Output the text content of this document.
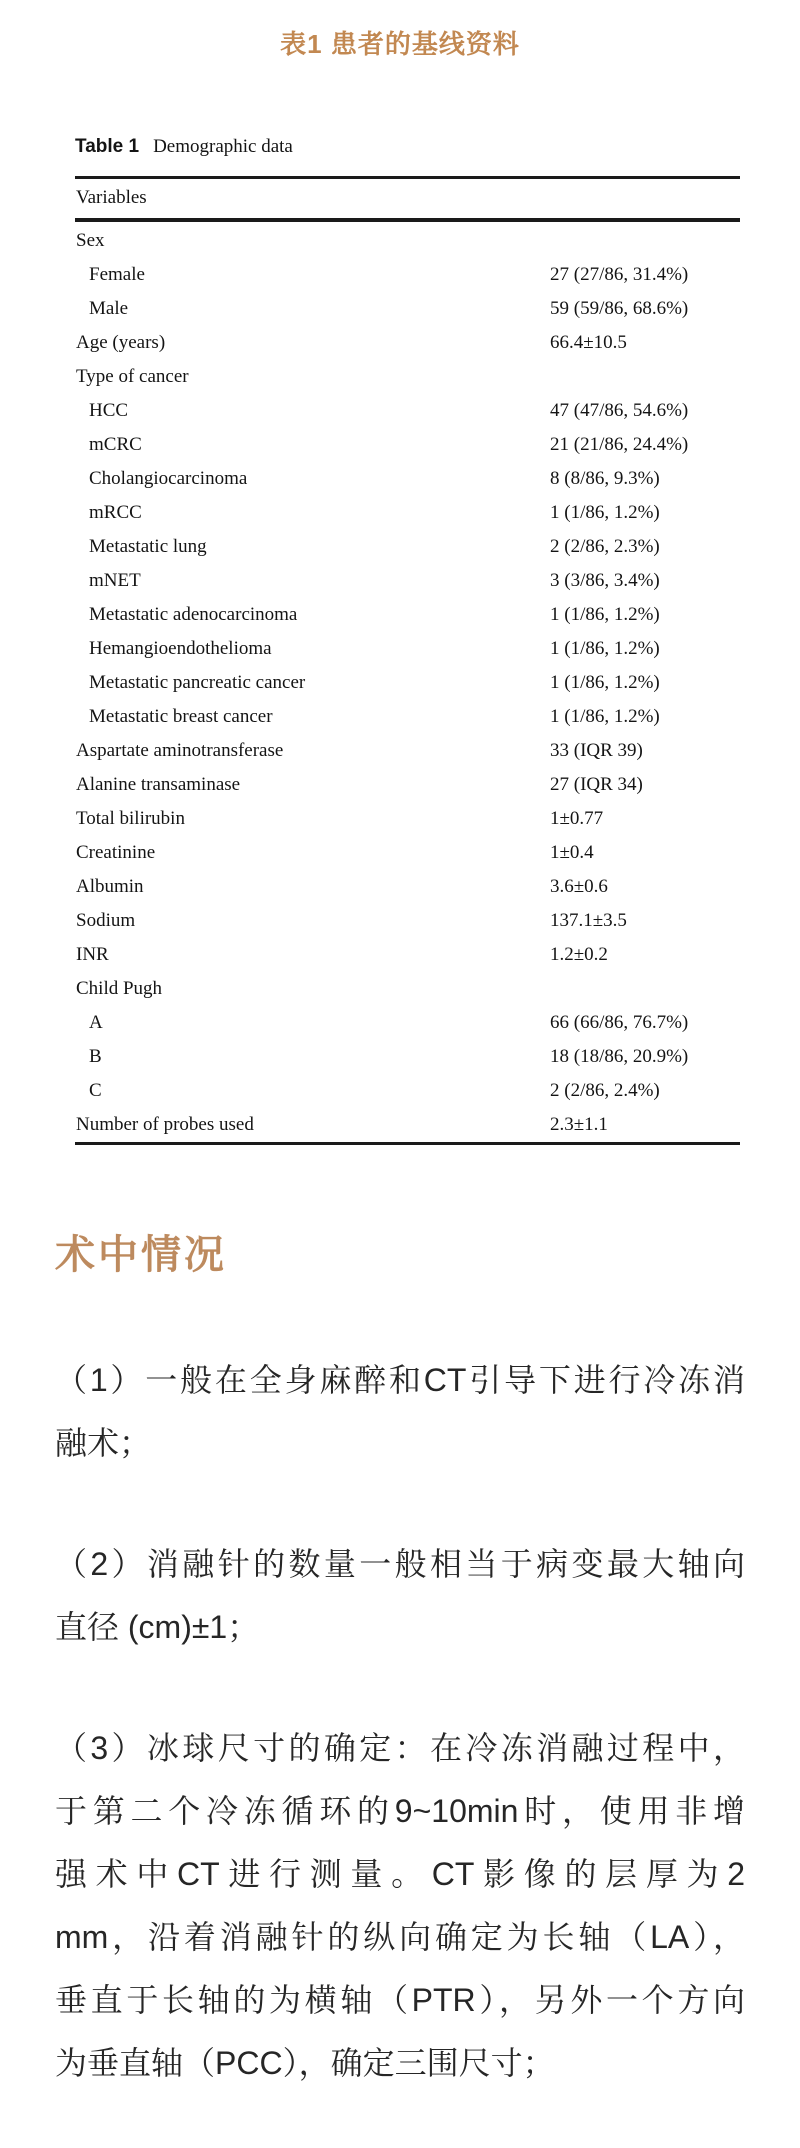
表1 患者的基线资料
Table 1 Demographic data
Variables
Sex
Female	27 (27/86, 31.4%)
Male	59 (59/86, 68.6%)
Age (years)	66.4±10.5
Type of cancer
HCC	47 (47/86, 54.6%)
mCRC	21 (21/86, 24.4%)
Cholangiocarcinoma	8 (8/86, 9.3%)
mRCC	1 (1/86, 1.2%)
Metastatic lung	2 (2/86, 2.3%)
mNET	3 (3/86, 3.4%)
Metastatic adenocarcinoma	1 (1/86, 1.2%)
Hemangioendothelioma	1 (1/86, 1.2%)
Metastatic pancreatic cancer	1 (1/86, 1.2%)
Metastatic breast cancer	1 (1/86, 1.2%)
Aspartate aminotransferase	33 (IQR 39)
Alanine transaminase	27 (IQR 34)
Total bilirubin	1±0.77
Creatinine	1±0.4
Albumin	3.6±0.6
Sodium	137.1±3.5
INR	1.2±0.2
Child Pugh
A	66 (66/86, 76.7%)
B	18 (18/86, 20.9%)
C	2 (2/86, 2.4%)
Number of probes used	2.3±1.1
术中情况
（1）一般在全身麻醉和CT引导下进行冷冻消
融术；
（2）消融针的数量一般相当于病变最大轴向
直径 (cm)±1；
（3）冰球尺寸的确定：在冷冻消融过程中，
于第二个冷冻循环的9~10min时，使用非增
强术中CT进行测量。CT影像的层厚为2
mm，沿着消融针的纵向确定为长轴（LA），
垂直于长轴的为横轴（PTR），另外一个方向
为垂直轴（PCC），确定三围尺寸；
